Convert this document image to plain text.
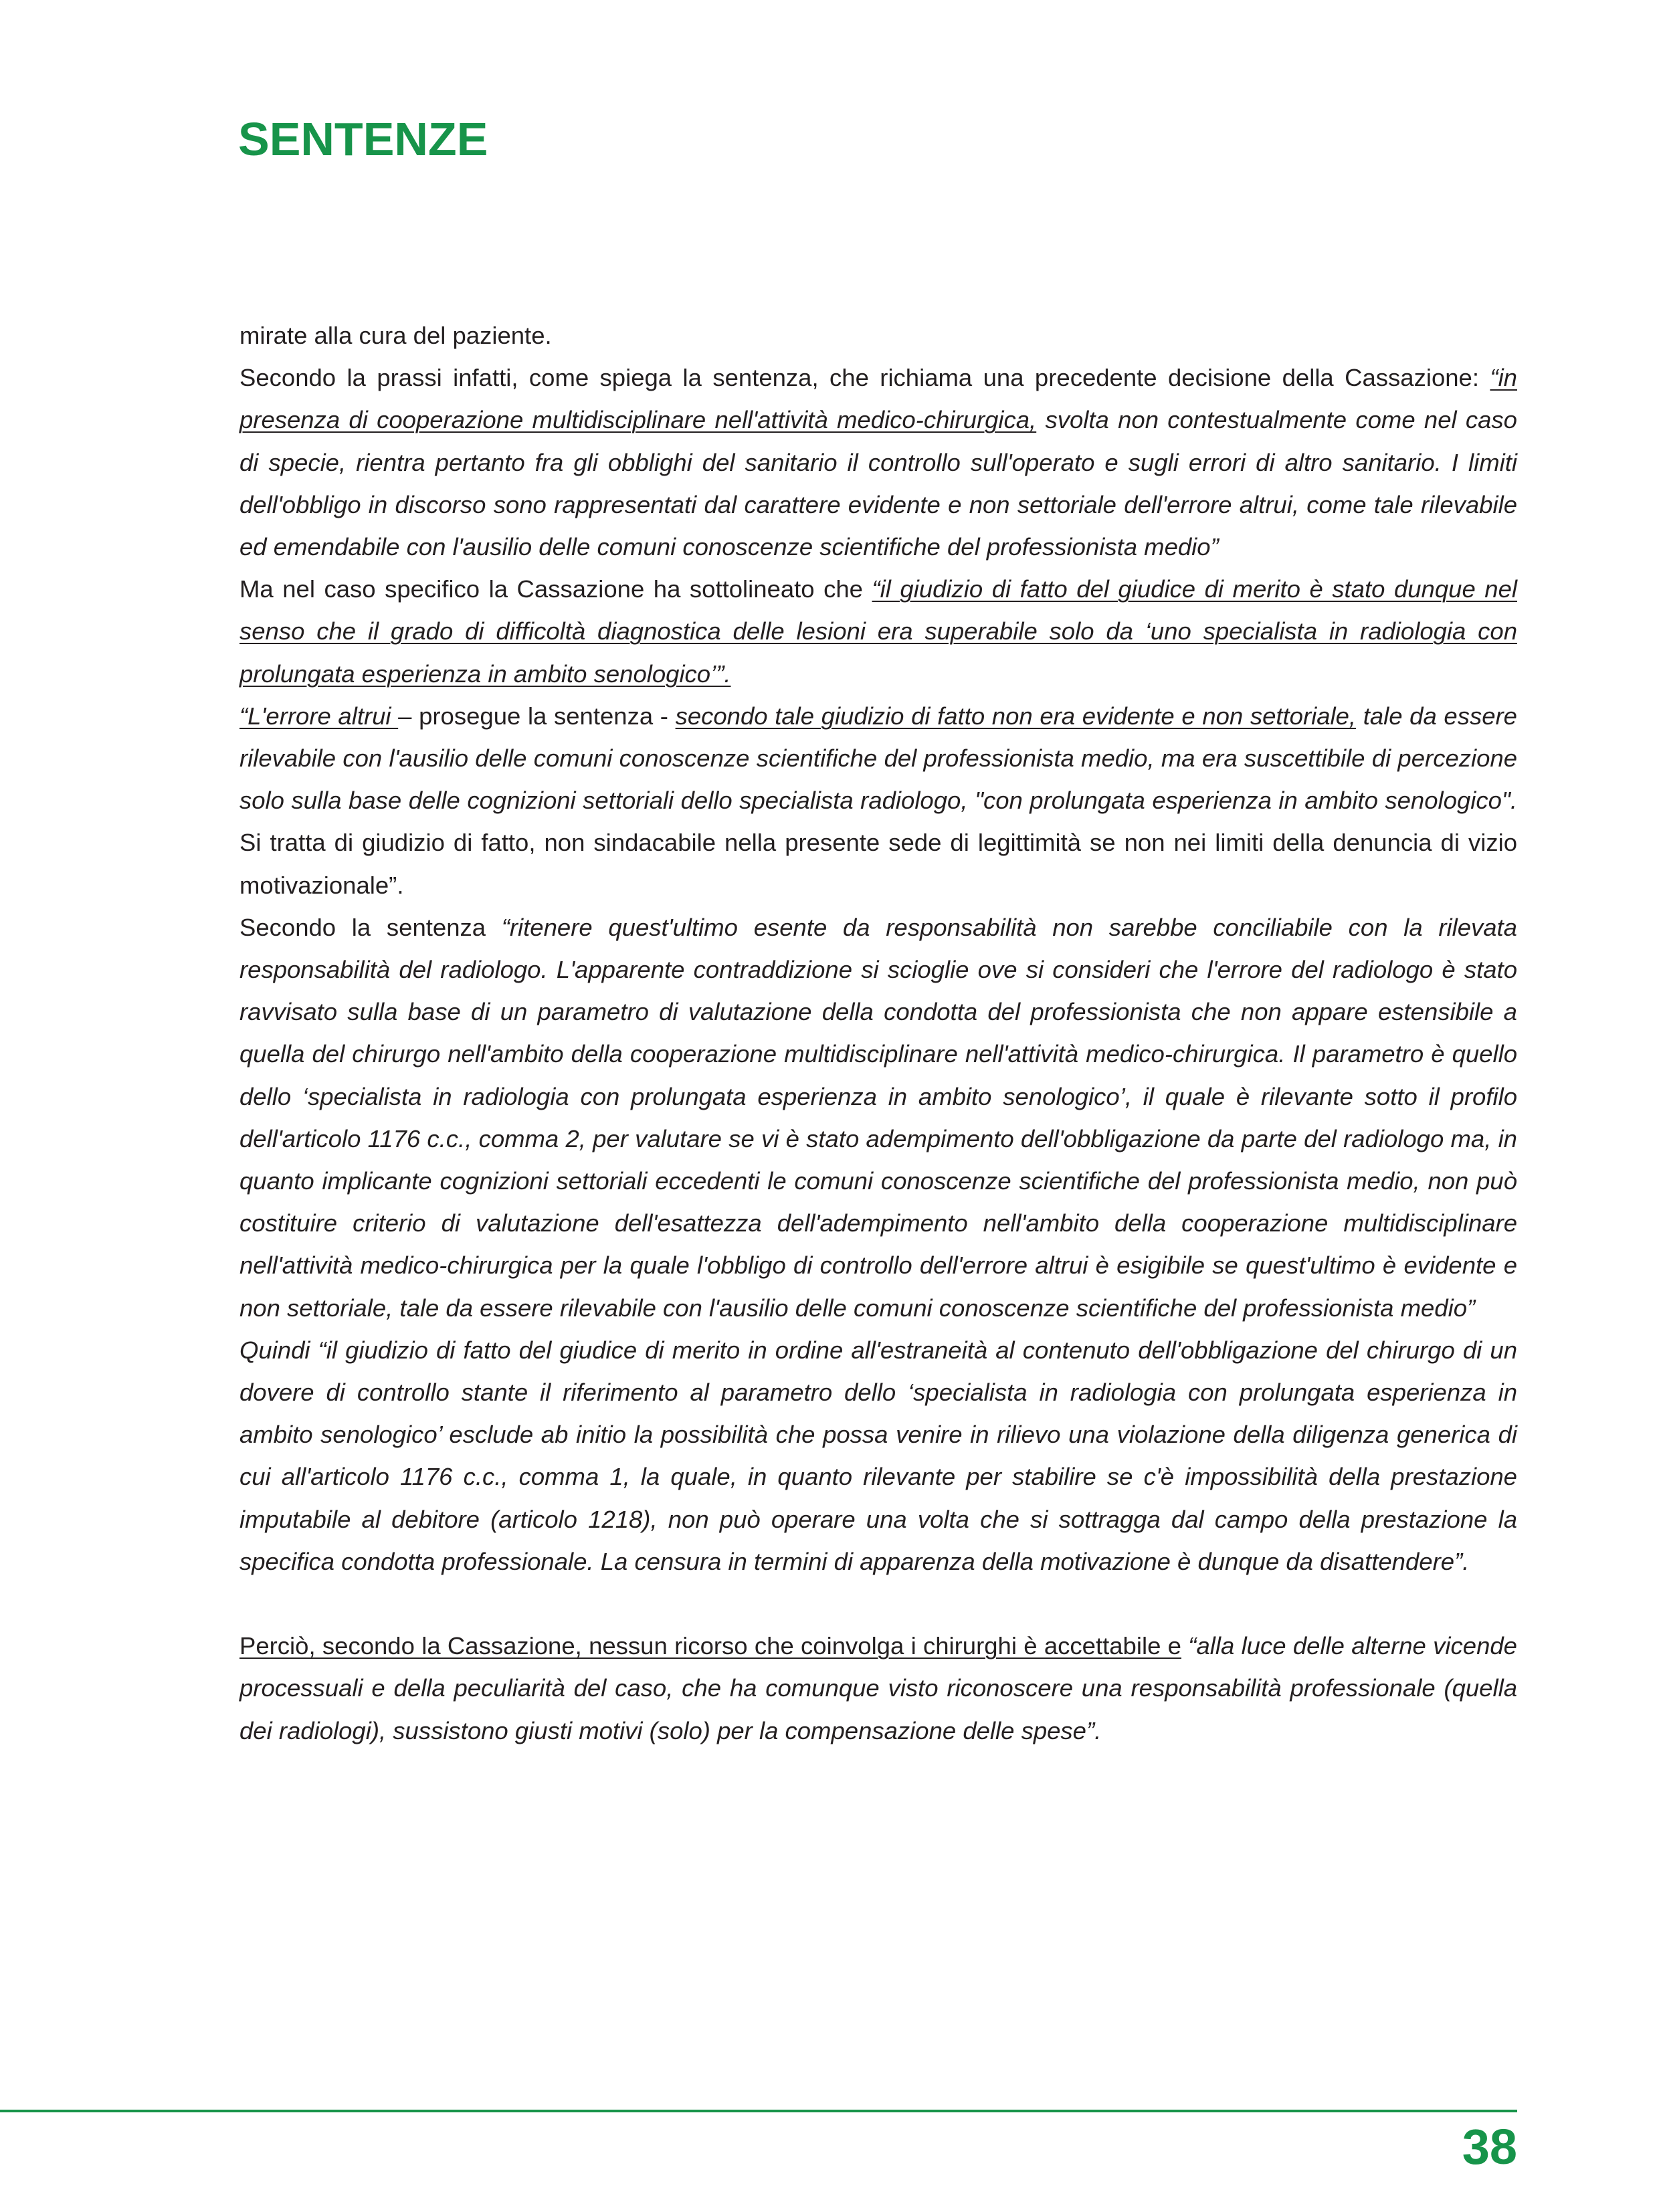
SENTENZE

mirate alla cura del paziente.

Secondo la prassi infatti, come spiega la sentenza, che richiama una precedente decisione della Cassazione: “in presenza di cooperazione multidisciplinare nell'attività medico-chirurgica, svolta non contestualmente come nel caso di specie, rientra pertanto fra gli obblighi del sanitario il controllo sull'operato e sugli errori di altro sanitario. I limiti dell'obbligo in discorso sono rappresentati dal carattere evidente e non settoriale dell'errore altrui, come tale rilevabile ed emendabile con l'ausilio delle comuni conoscenze scientifiche del professionista medio”

Ma nel caso specifico la Cassazione ha sottolineato che “il giudizio di fatto del giudice di merito è stato dunque nel senso che il grado di difficoltà diagnostica delle lesioni era superabile solo da ‘uno specialista in radiologia con prolungata esperienza in ambito senologico’”.

“L'errore altrui – prosegue la sentenza - secondo tale giudizio di fatto non era evidente e non settoriale, tale da essere rilevabile con l'ausilio delle comuni conoscenze scientifiche del professionista medio, ma era suscettibile di percezione solo sulla base delle cognizioni settoriali dello specialista radiologo, "con prolungata esperienza in ambito senologico". Si tratta di giudizio di fatto, non sindacabile nella presente sede di legittimità se non nei limiti della denuncia di vizio motivazionale”.

Secondo la sentenza “ritenere quest'ultimo esente da responsabilità non sarebbe conciliabile con la rilevata responsabilità del radiologo. L'apparente contraddizione si scioglie ove si consideri che l'errore del radiologo è stato ravvisato sulla base di un parametro di valutazione della condotta del professionista che non appare estensibile a quella del chirurgo nell'ambito della cooperazione multidisciplinare nell'attività medico-chirurgica. Il parametro è quello dello ‘specialista in radiologia con prolungata esperienza in ambito senologico’, il quale è rilevante sotto il profilo dell'articolo 1176 c.c., comma 2, per valutare se vi è stato adempimento dell'obbligazione da parte del radiologo ma, in quanto implicante cognizioni settoriali eccedenti le comuni conoscenze scientifiche del professionista medio, non può costituire criterio di valutazione dell'esattezza dell'adempimento nell'ambito della cooperazione multidisciplinare nell'attività medico-chirurgica per la quale l'obbligo di controllo dell'errore altrui è esigibile se quest'ultimo è evidente e non settoriale, tale da essere rilevabile con l'ausilio delle comuni conoscenze scientifiche del professionista medio”

Quindi “il giudizio di fatto del giudice di merito in ordine all'estraneità al contenuto dell'obbligazione del chirurgo di un dovere di controllo stante il riferimento al parametro dello ‘specialista in radiologia con prolungata esperienza in ambito senologico’ esclude ab initio la possibilità che possa venire in rilievo una violazione della diligenza generica di cui all'articolo 1176 c.c., comma 1, la quale, in quanto rilevante per stabilire se c'è impossibilità della prestazione imputabile al debitore (articolo 1218), non può operare una volta che si sottragga dal campo della prestazione la specifica condotta professionale. La censura in termini di apparenza della motivazione è dunque da disattendere”.

Perciò, secondo la Cassazione, nessun ricorso che coinvolga i chirurghi è accettabile e “alla luce delle alterne vicende processuali e della peculiarità del caso, che ha comunque visto riconoscere una responsabilità professionale (quella dei radiologi), sussistono giusti motivi (solo) per la compensazione delle spese”.

38
